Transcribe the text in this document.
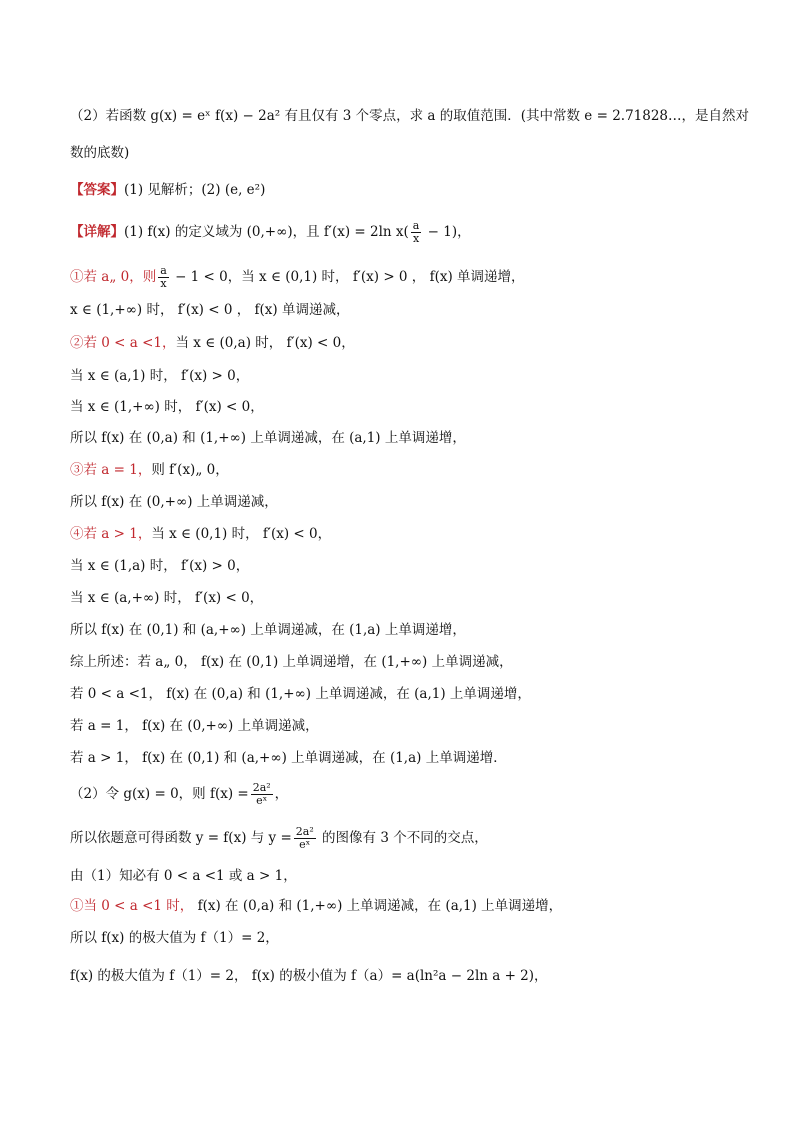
（2）若函数 g(x) = eˣ f(x) − 2a² 有且仅有 3 个零点，求 a 的取值范围．(其中常数 e = 2.71828…，是自然对
数的底数)
【答案】(1) 见解析；(2) (e, e²)
【详解】(1) f(x) 的定义域为 (0,+∞)，且 f′(x) = 2ln $x( \frac{a}{x} - 1)$，
①若 a„ 0，则 $\frac{a}{x} - 1 < 0$，当 x ∈ (0,1) 时， f′(x) > 0 ， f(x) 单调递增，
x ∈ (1,+∞) 时， f′(x) < 0 ， f(x) 单调递减，
②若 0 < a <1，当 x ∈ (0,a) 时， f′(x) < 0，
当 x ∈ (a,1) 时， f′(x) > 0，
当 x ∈ (1,+∞) 时， f′(x) < 0，
所以 f(x) 在 (0,a) 和 (1,+∞) 上单调递减，在 (a,1) 上单调递增，
③若 a = 1，则 f′(x)„ 0，
所以 f(x) 在 (0,+∞) 上单调递减，
④若 a > 1，当 x ∈ (0,1) 时， f′(x) < 0，
当 x ∈ (1,a) 时， f′(x) > 0，
当 x ∈ (a,+∞) 时， f′(x) < 0，
所以 f(x) 在 (0,1) 和 (a,+∞) 上单调递减，在 (1,a) 上单调递增，
综上所述：若 a„ 0， f(x) 在 (0,1) 上单调递增，在 (1,+∞) 上单调递减，
若 0 < a <1， f(x) 在 (0,a) 和 (1,+∞) 上单调递减，在 (a,1) 上单调递增，
若 a = 1， f(x) 在 (0,+∞) 上单调递减，
若 a > 1， f(x) 在 (0,1) 和 (a,+∞) 上单调递减，在 (1,a) 上单调递增．
（2）令 g(x) = 0，则 $f(x) = \frac{\text{2a²}}{\text{eˣ}}$ ，
所以依题意可得函数 y = f(x) 与 $y = \frac{\text{2a²}}{\text{eˣ}}$ 的图像有 3 个不同的交点，
由（1）知必有 0 < a <1 或 a > 1，
①当 0 < a <1 时， f(x) 在 (0,a) 和 (1,+∞) 上单调递减，在 (a,1) 上单调递增，
所以 f(x) 的极大值为 f（1）= 2，
f(x) 的极大值为 f（1）= 2， f(x) 的极小值为 f（a）= a(ln²a − 2ln a + 2)，
